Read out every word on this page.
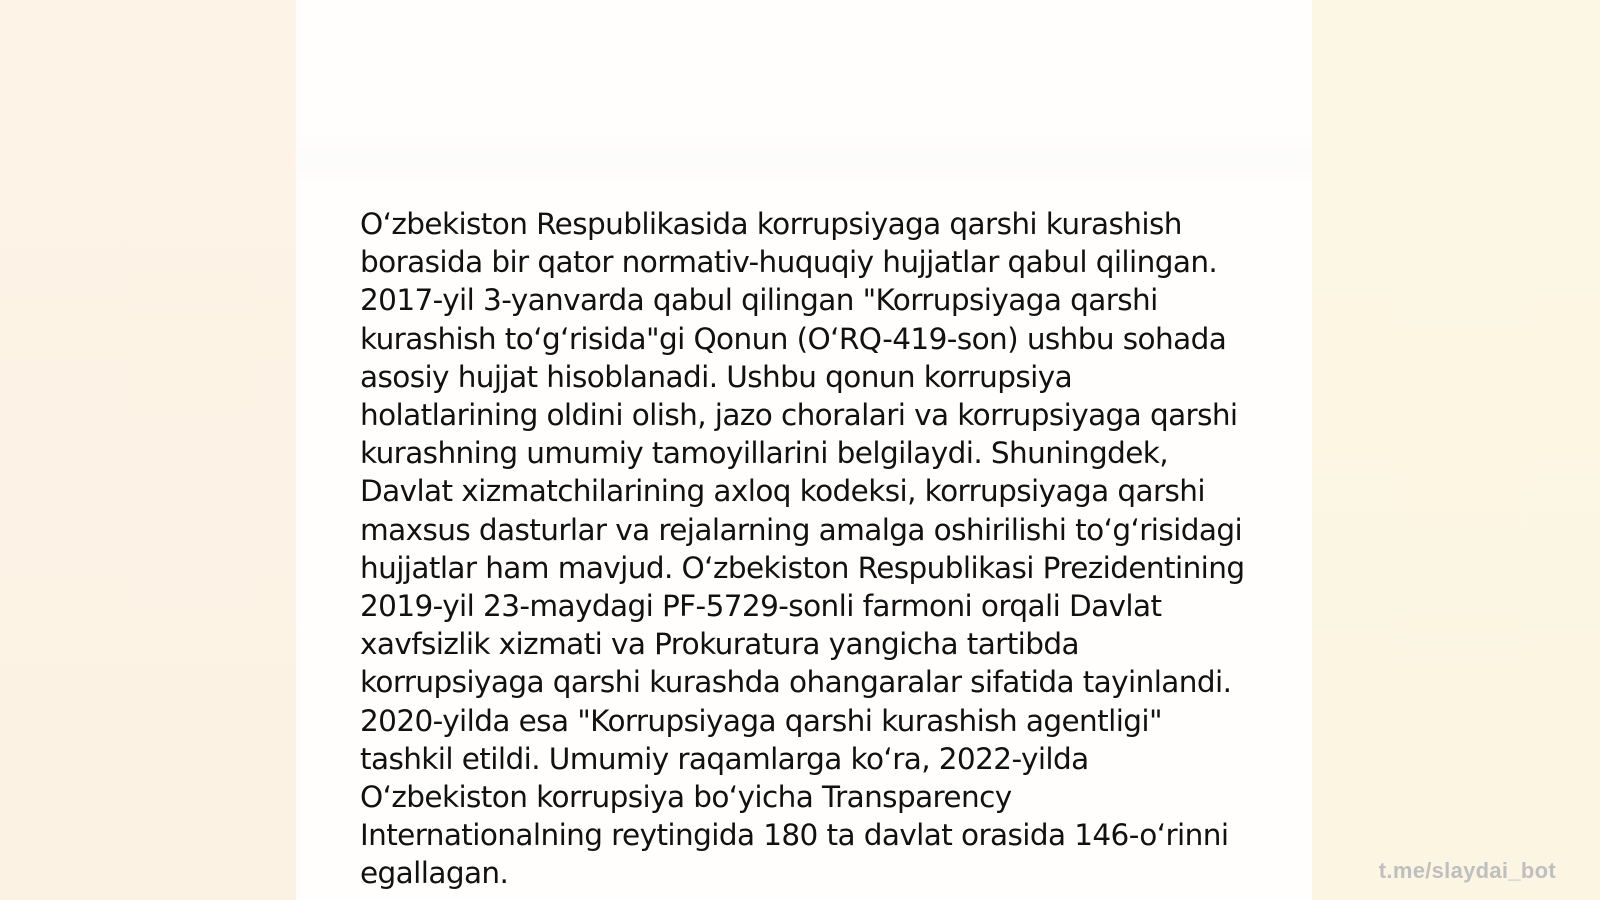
O‘zbekiston Respublikasida korrupsiyaga qarshi kurashish borasida bir qator normativ-huquqiy hujjatlar qabul qilingan. 2017-yil 3-yanvarda qabul qilingan "Korrupsiyaga qarshi kurashish to‘g‘risida"gi Qonun (O‘RQ-419-son) ushbu sohada asosiy hujjat hisoblanadi. Ushbu qonun korrupsiya holatlarining oldini olish, jazo choralari va korrupsiyaga qarshi kurashning umumiy tamoyillarini belgilaydi. Shuningdek, Davlat xizmatchilarining axloq kodeksi, korrupsiyaga qarshi maxsus dasturlar va rejalarning amalga oshirilishi to‘g‘risidagi hujjatlar ham mavjud. O‘zbekiston Respublikasi Prezidentining 2019-yil 23-maydagi PF-5729-sonli farmoni orqali Davlat xavfsizlik xizmati va Prokuratura yangicha tartibda korrupsiyaga qarshi kurashda ohangaralar sifatida tayinlandi. 2020-yilda esa "Korrupsiyaga qarshi kurashish agentligi" tashkil etildi. Umumiy raqamlarga ko‘ra, 2022-yilda O‘zbekiston korrupsiya bo‘yicha Transparency Internationalning reytingida 180 ta davlat orasida 146-o‘rinni egallagan.	t.me/slaydai_bot
